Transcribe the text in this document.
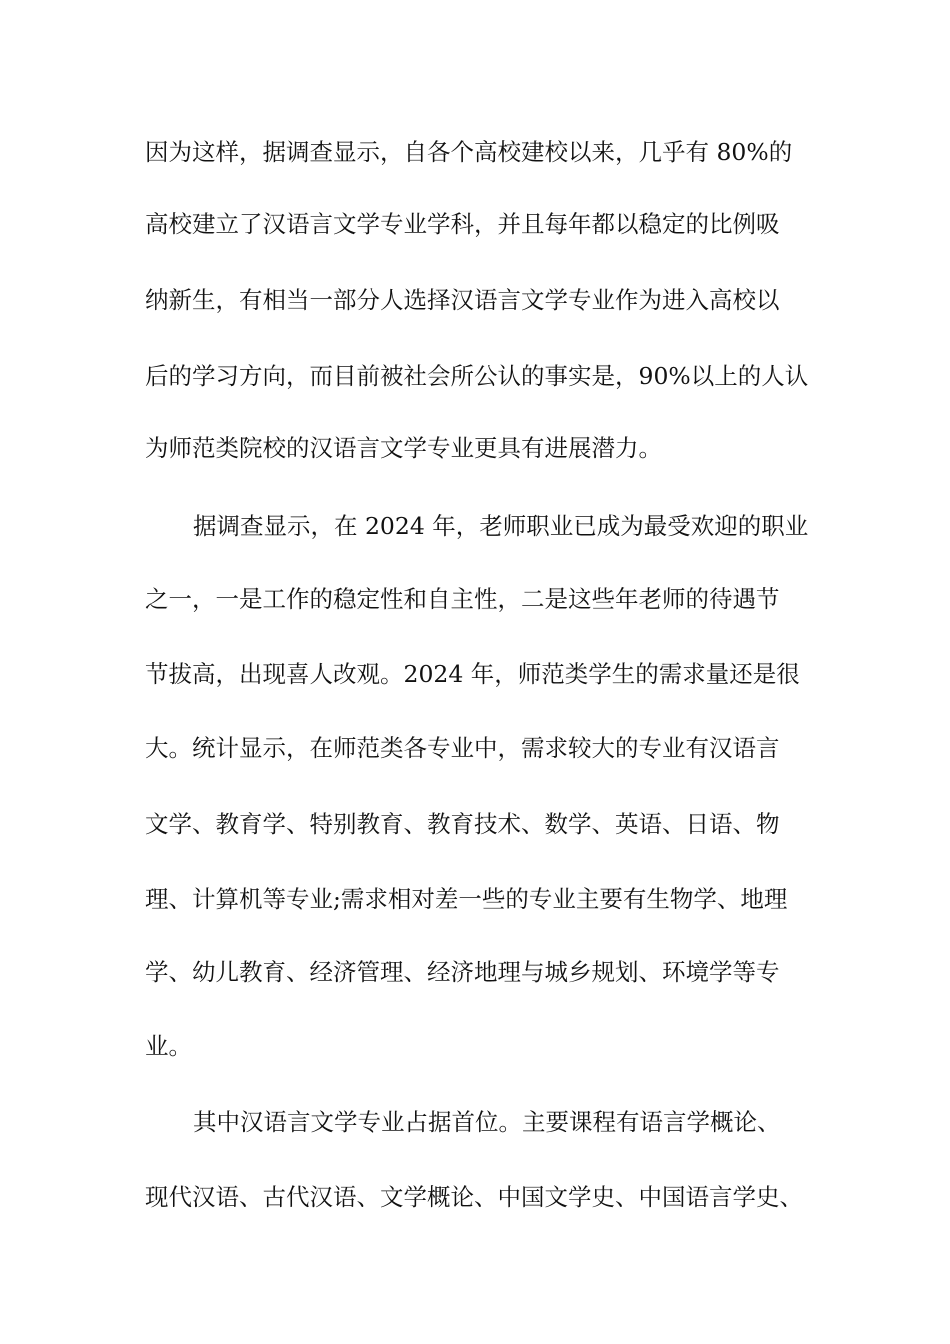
因为这样，据调查显示，自各个高校建校以来，几乎有 80%的
高校建立了汉语言文学专业学科，并且每年都以稳定的比例吸
纳新生，有相当一部分人选择汉语言文学专业作为进入高校以
后的学习方向，而目前被社会所公认的事实是，90%以上的人认
为师范类院校的汉语言文学专业更具有进展潜力。
据调查显示，在 2024 年，老师职业已成为最受欢迎的职业
之一，一是工作的稳定性和自主性，二是这些年老师的待遇节
节拔高，出现喜人改观。2024 年，师范类学生的需求量还是很
大。统计显示，在师范类各专业中，需求较大的专业有汉语言
文学、教育学、特别教育、教育技术、数学、英语、日语、物
理、计算机等专业;需求相对差一些的专业主要有生物学、地理
学、幼儿教育、经济管理、经济地理与城乡规划、环境学等专
业。
其中汉语言文学专业占据首位。主要课程有语言学概论、
现代汉语、古代汉语、文学概论、中国文学史、中国语言学史、
